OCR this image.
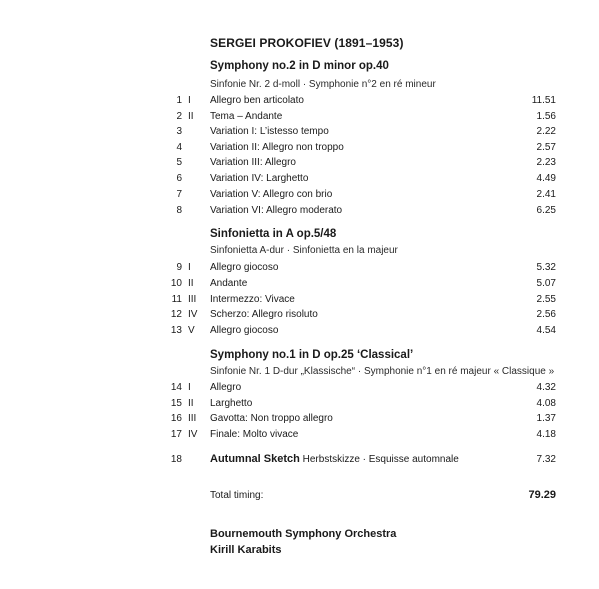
SERGEI PROKOFIEV (1891–1953)
Symphony no.2 in D minor op.40
Sinfonie Nr. 2 d-moll · Symphonie n°2 en ré mineur
1 I Allegro ben articolato	11.51
2 II Tema – Andante	1.56
3	Variation I: L’istesso tempo	2.22
4	Variation II: Allegro non troppo	2.57
5	Variation III: Allegro	2.23
6	Variation IV: Larghetto	4.49
7	Variation V: Allegro con brio	2.41
8	Variation VI: Allegro moderato	6.25
Sinfonietta in A op.5/48
Sinfonietta A-dur · Sinfonietta en la majeur
9 I Allegro giocoso	5.32
10 II Andante	5.07
11 III Intermezzo: Vivace	2.55
12 IV Scherzo: Allegro risoluto	2.56
13 V Allegro giocoso	4.54
Symphony no.1 in D op.25 ‘Classical’
Sinfonie Nr. 1 D-dur „Klassische“ · Symphonie n°1 en ré majeur « Classique »
14 I Allegro	4.32
15 II Larghetto	4.08
16 III Gavotta: Non troppo allegro	1.37
17 IV Finale: Molto vivace	4.18
18	Autumnal Sketch Herbstskizze · Esquisse automnale	7.32
Total timing:	79.29
Bournemouth Symphony Orchestra
Kirill Karabits
